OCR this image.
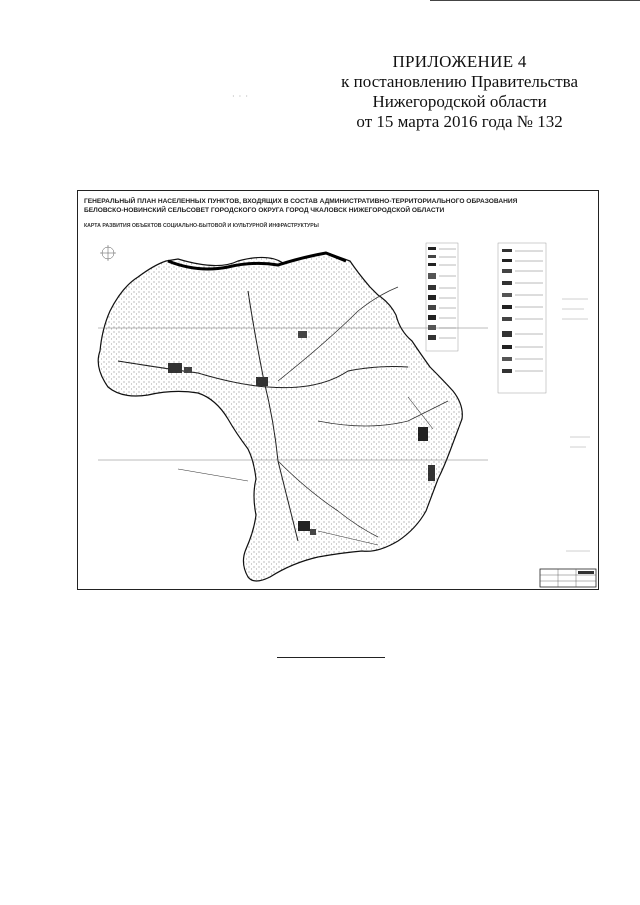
ПРИЛОЖЕНИЕ 4
к постановлению Правительства
Нижегородской области
от 15 марта 2016 года № 132
· · ·
ГЕНЕРАЛЬНЫЙ ПЛАН НАСЕЛЕННЫХ ПУНКТОВ, ВХОДЯЩИХ В СОСТАВ АДМИНИСТРАТИВНО-ТЕРРИТОРИАЛЬНОГО ОБРАЗОВАНИЯ
БЕЛОВСКО-НОВИНСКИЙ СЕЛЬСОВЕТ ГОРОДСКОГО ОКРУГА ГОРОД ЧКАЛОВСК НИЖЕГОРОДСКОЙ ОБЛАСТИ
КАРТА РАЗВИТИЯ ОБЪЕКТОВ СОЦИАЛЬНО-БЫТОВОЙ И КУЛЬТУРНОЙ ИНФРАСТРУКТУРЫ
